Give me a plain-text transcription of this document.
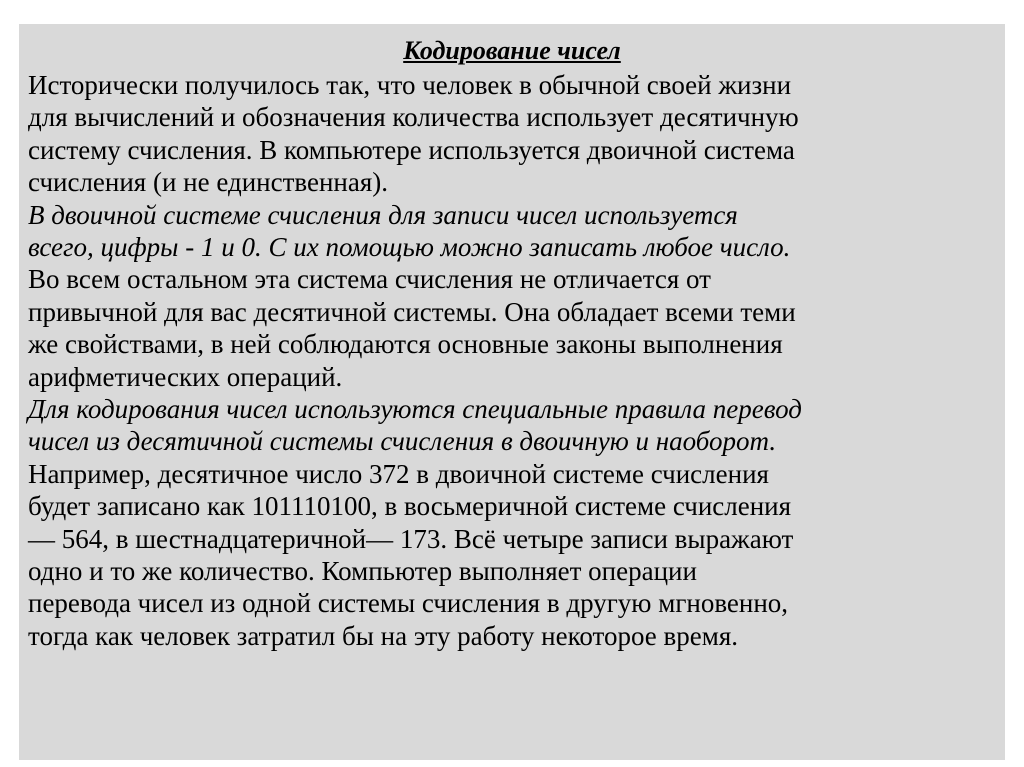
Кодирование чисел
Исторически получилось так, что человек в обычной своей жизни
для вычислений и обозначения количества использует десятичную
систему счисления. В компьютере используется двоичной система
счисления (и не единственная).
В двоичной системе счисления для записи чисел используется
всего, цифры - 1 и 0. С их помощью можно записать любое число.
Во всем остальном эта система счисления не отличается от
привычной для вас десятичной системы. Она обладает всеми теми
же свойствами, в ней соблюдаются основные законы выполнения
арифметических операций.
Для кодирования чисел используются специальные правила перевод
чисел из десятичной системы счисления в двоичную и наоборот.
Например, десятичное число 372 в двоичной системе счисления
будет записано как 101110100, в восьмеричной системе счисления
— 564, в шестнадцатеричной— 173. Всё четыре записи выражают
одно и то же количество. Компьютер выполняет операции
перевода чисел из одной системы счисления в другую мгновенно,
тогда как человек затратил бы на эту работу некоторое время.
